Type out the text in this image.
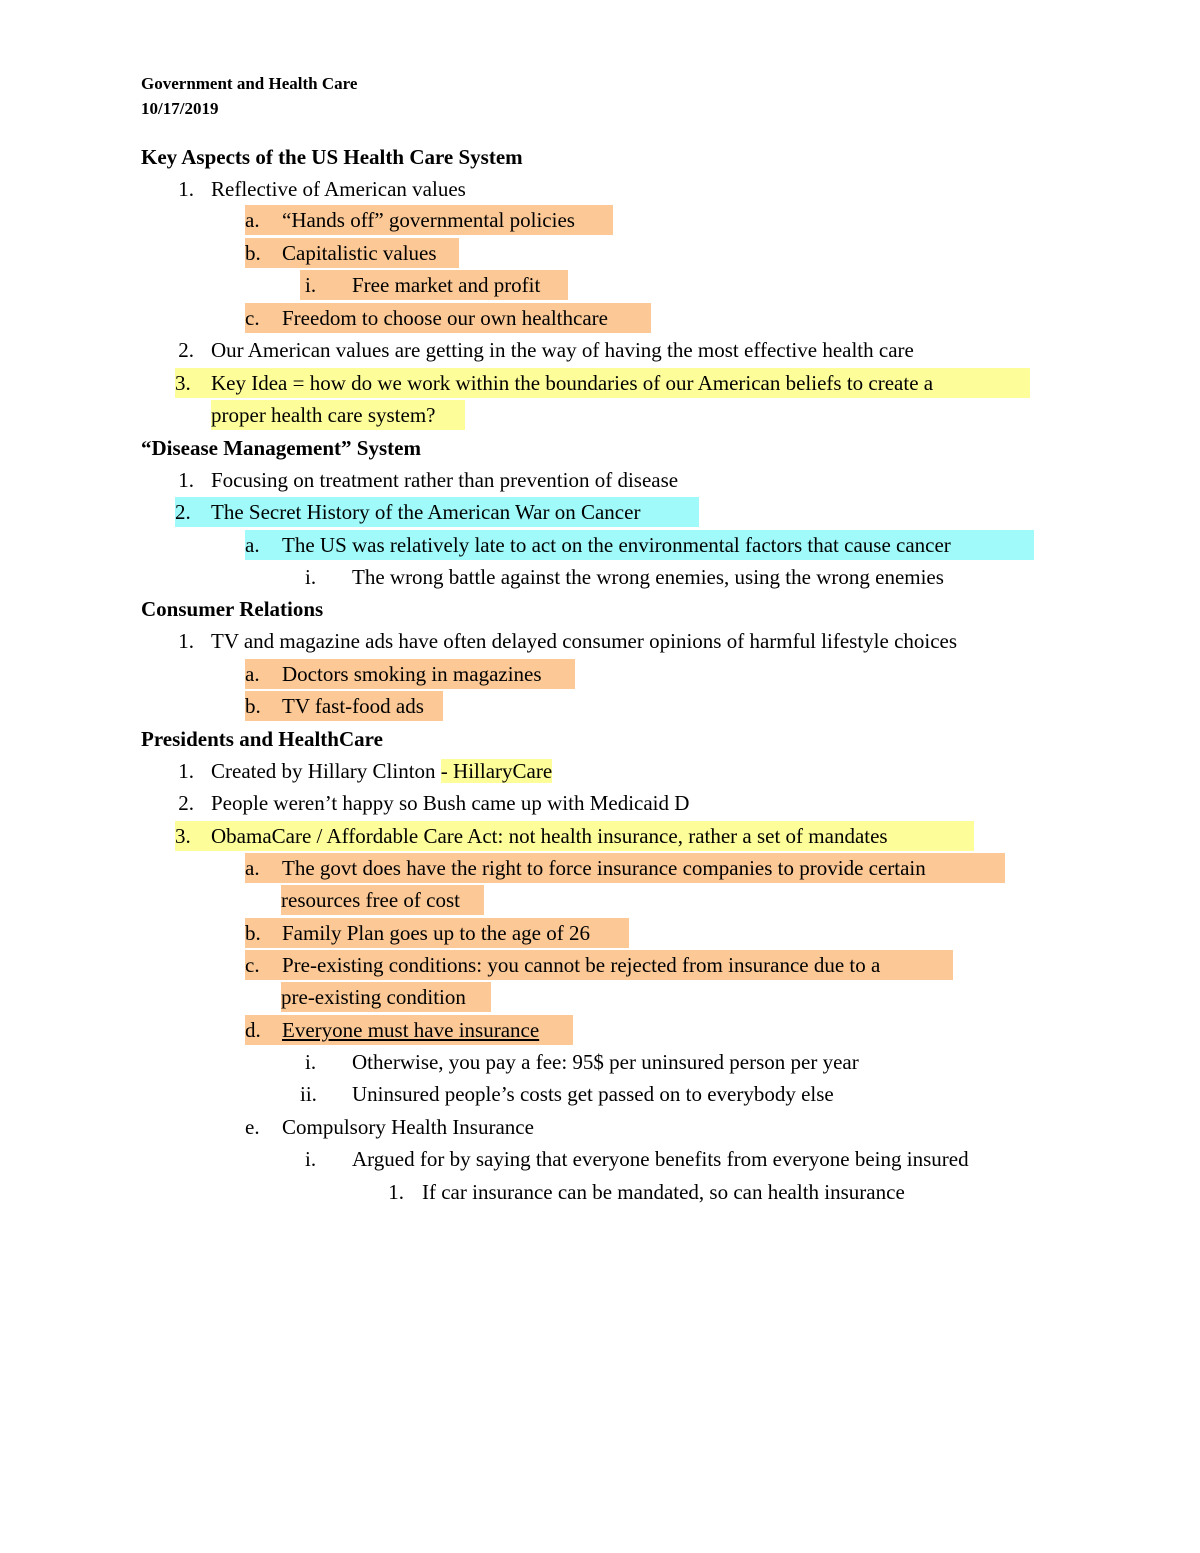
Government and Health Care
10/17/2019
Key Aspects of the US Health Care System
1. Reflective of American values
a. “Hands off” governmental policies
b. Capitalistic values
i. Free market and profit
c. Freedom to choose our own healthcare
2. Our American values are getting in the way of having the most effective health care
3. Key Idea = how do we work within the boundaries of our American beliefs to create a
proper health care system?
“Disease Management” System
1. Focusing on treatment rather than prevention of disease
2. The Secret History of the American War on Cancer
a. The US was relatively late to act on the environmental factors that cause cancer
i. The wrong battle against the wrong enemies, using the wrong enemies
Consumer Relations
1. TV and magazine ads have often delayed consumer opinions of harmful lifestyle choices
a. Doctors smoking in magazines
b. TV fast-food ads
Presidents and HealthCare
1. Created by Hillary Clinton - HillaryCare
2. People weren’t happy so Bush came up with Medicaid D
3. ObamaCare / Affordable Care Act: not health insurance, rather a set of mandates
a. The govt does have the right to force insurance companies to provide certain
resources free of cost
b. Family Plan goes up to the age of 26
c. Pre-existing conditions: you cannot be rejected from insurance due to a
pre-existing condition
d. Everyone must have insurance
i. Otherwise, you pay a fee: 95$ per uninsured person per year
ii. Uninsured people’s costs get passed on to everybody else
e. Compulsory Health Insurance
i. Argued for by saying that everyone benefits from everyone being insured
1. If car insurance can be mandated, so can health insurance
